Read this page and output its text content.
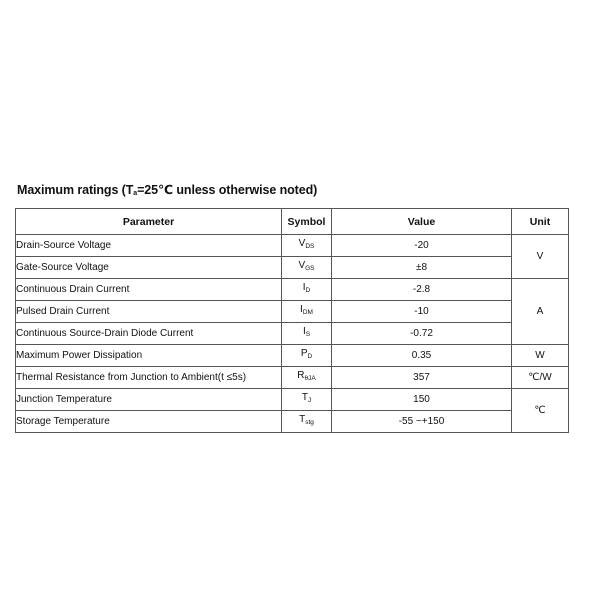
Maximum ratings ($T_a=25℃$ unless otherwise noted)
Parameter	Symbol	Value	Unit
Drain-Source Voltage	$V_{DS}$	-20	V
Gate-Source Voltage	$V_{GS}$	±8	
Continuous Drain Current	$I_D$	-2.8	A
Pulsed Drain Current	$I_{DM}$	-10	
Continuous Source-Drain Diode Current	$I_S$	-0.72	
Maximum Power Dissipation	$P_D$	0.35	W
Thermal Resistance from Junction to Ambient(t ≤5s)	$R_{\theta JA}$	357	℃/W
Junction Temperature	$T_J$	150	℃
Storage Temperature	$T_{stg}$	-55 ~+150	
